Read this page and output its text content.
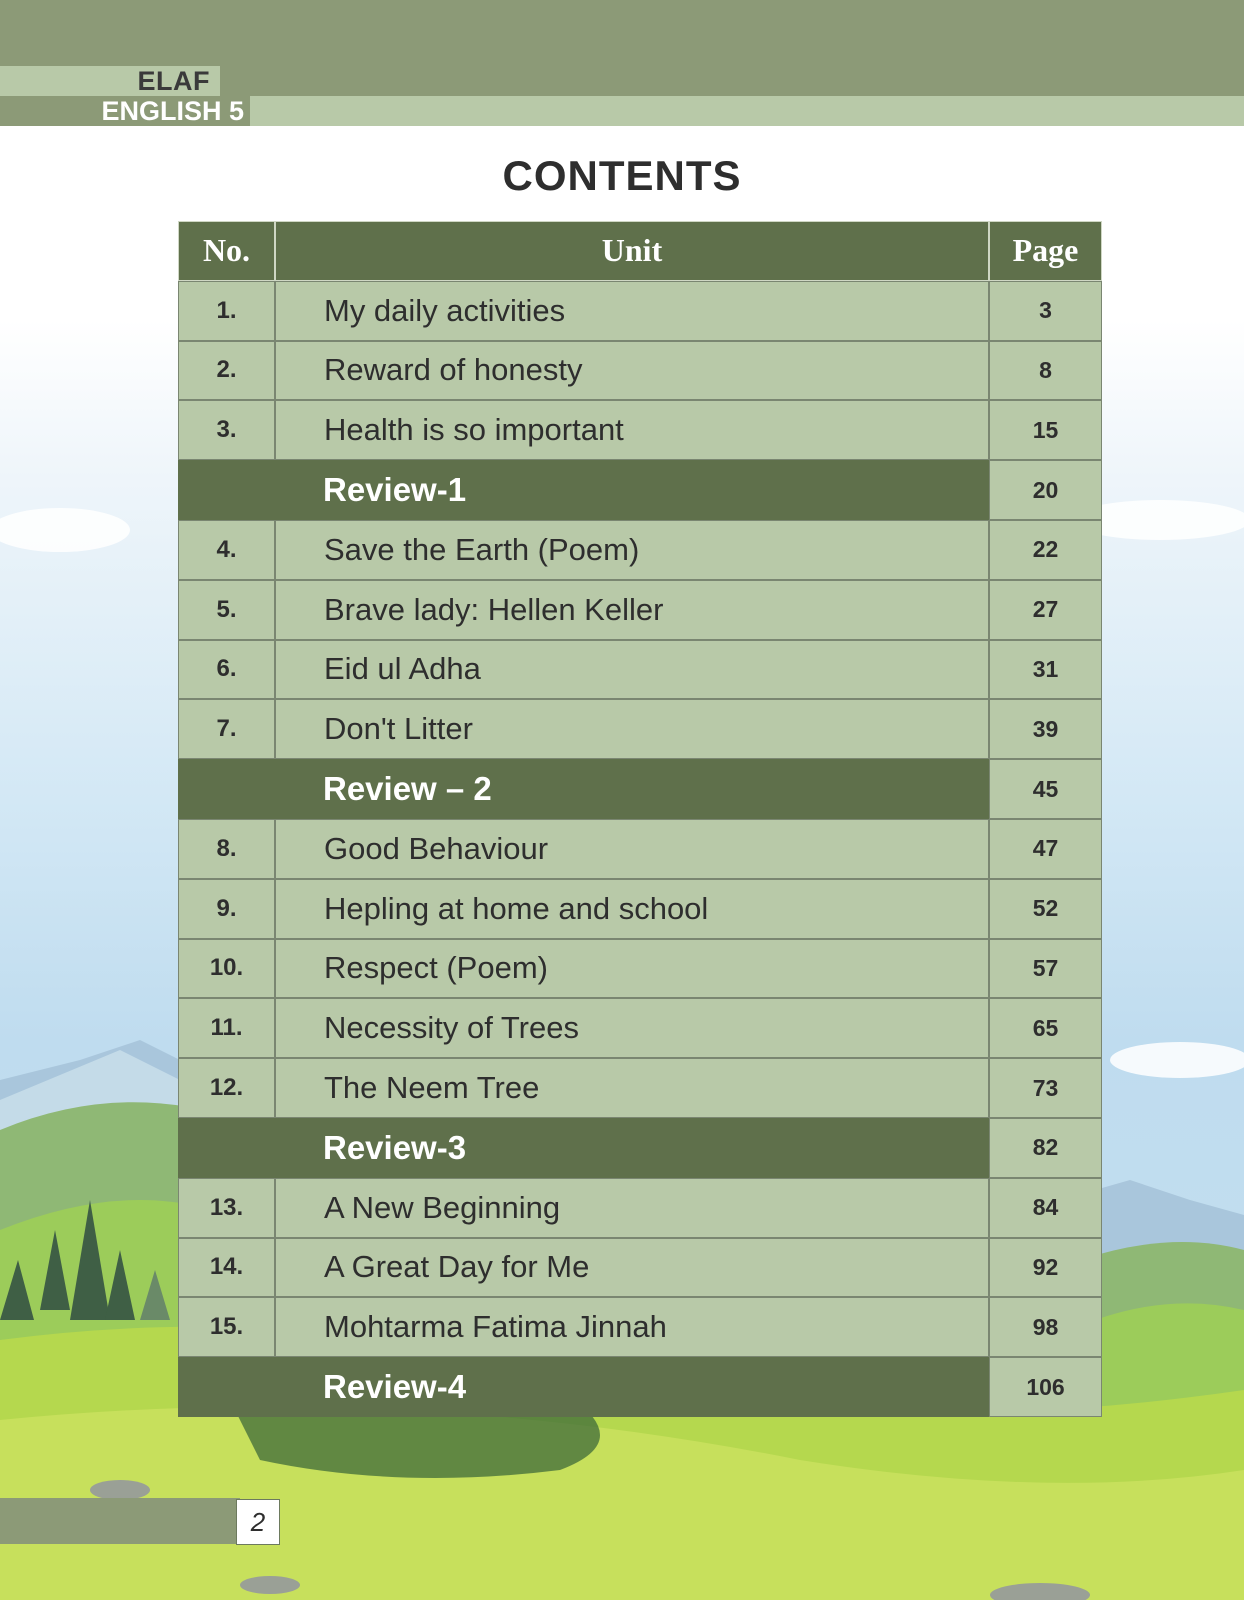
ELAF
ENGLISH 5
CONTENTS
No.	Unit	Page
1.	My daily activities	3
2.	Reward of honesty	8
3.	Health is so important	15
Review-1	20
4.	Save the Earth (Poem)	22
5.	Brave lady: Hellen Keller	27
6.	Eid ul Adha	31
7.	Don't Litter	39
Review – 2	45
8.	Good Behaviour	47
9.	Hepling at home and school	52
10.	Respect (Poem)	57
11.	Necessity of Trees	65
12.	The Neem Tree	73
Review-3	82
13.	A New Beginning	84
14.	A Great Day for Me	92
15.	Mohtarma Fatima Jinnah	98
Review-4	106
2
